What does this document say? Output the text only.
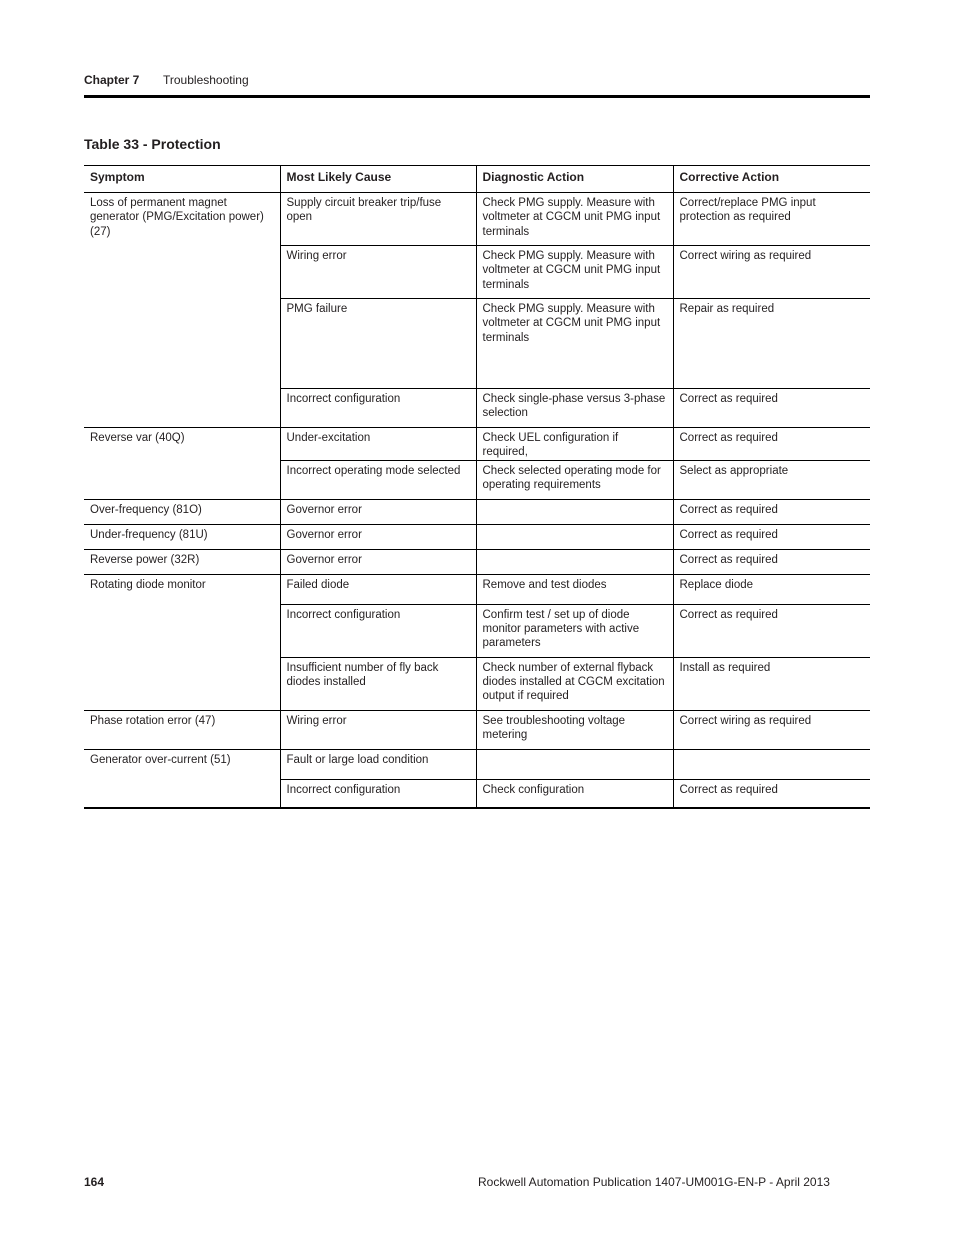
Chapter 7 Troubleshooting
Table 33 - Protection
Symptom	Most Likely Cause	Diagnostic Action	Corrective Action
Loss of permanent magnet generator (PMG/Excitation power) (27)	Supply circuit breaker trip/fuse open	Check PMG supply. Measure with voltmeter at CGCM unit PMG input terminals	Correct/replace PMG input protection as required
	Wiring error	Check PMG supply. Measure with voltmeter at CGCM unit PMG input terminals	Correct wiring as required
	PMG failure	Check PMG supply. Measure with voltmeter at CGCM unit PMG input terminals	Repair as required
	Incorrect configuration	Check single-phase versus 3-phase selection	Correct as required
Reverse var (40Q)	Under-excitation	Check UEL configuration if required,	Correct as required
	Incorrect operating mode selected	Check selected operating mode for operating requirements	Select as appropriate
Over-frequency (81O)	Governor error		Correct as required
Under-frequency (81U)	Governor error		Correct as required
Reverse power (32R)	Governor error		Correct as required
Rotating diode monitor	Failed diode	Remove and test diodes	Replace diode
	Incorrect configuration	Confirm test / set up of diode monitor parameters with active parameters	Correct as required
	Insufficient number of fly back diodes installed	Check number of external flyback diodes installed at CGCM excitation output if required	Install as required
Phase rotation error (47)	Wiring error	See troubleshooting voltage metering	Correct wiring as required
Generator over-current (51)	Fault or large load condition		
	Incorrect configuration	Check configuration	Correct as required
164	Rockwell Automation Publication 1407-UM001G-EN-P - April 2013
